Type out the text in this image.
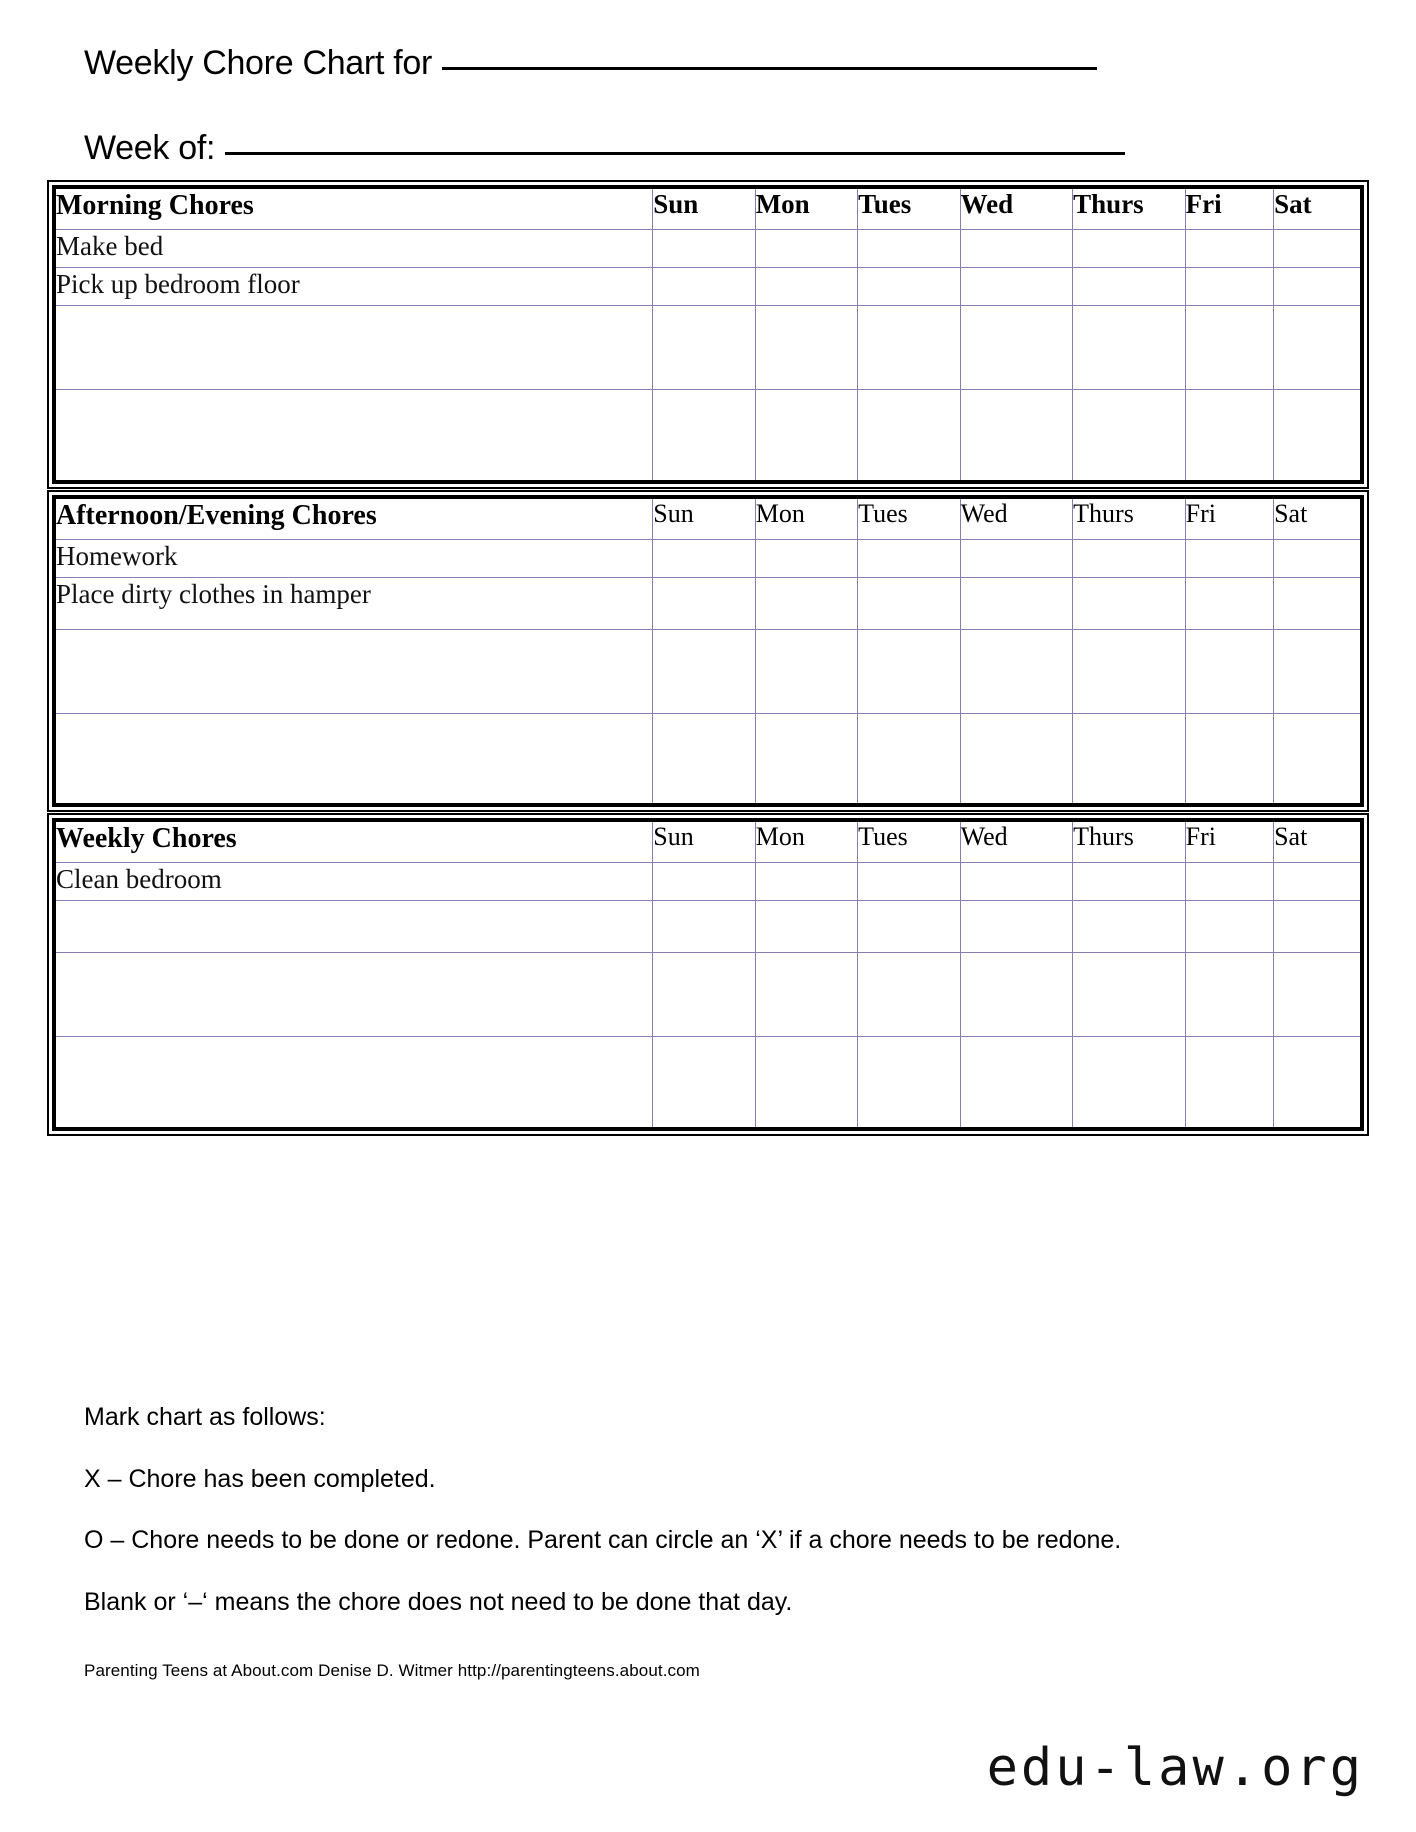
Weekly Chore Chart for
Week of:
Morning Chores	Sun	Mon	Tues	Wed	Thurs	Fri	Sat
Make bed							
Pick up bedroom floor							

Afternoon/Evening Chores	Sun	Mon	Tues	Wed	Thurs	Fri	Sat
Homework							
Place dirty clothes in hamper							

Weekly Chores	Sun	Mon	Tues	Wed	Thurs	Fri	Sat
Clean bedroom							

Mark chart as follows:

X – Chore has been completed.

O – Chore needs to be done or redone. Parent can circle an ‘X’ if a chore needs to be redone.

Blank or ‘–‘ means the chore does not need to be done that day.

Parenting Teens at About.com Denise D. Witmer http://parentingteens.about.com
edu-law.org
